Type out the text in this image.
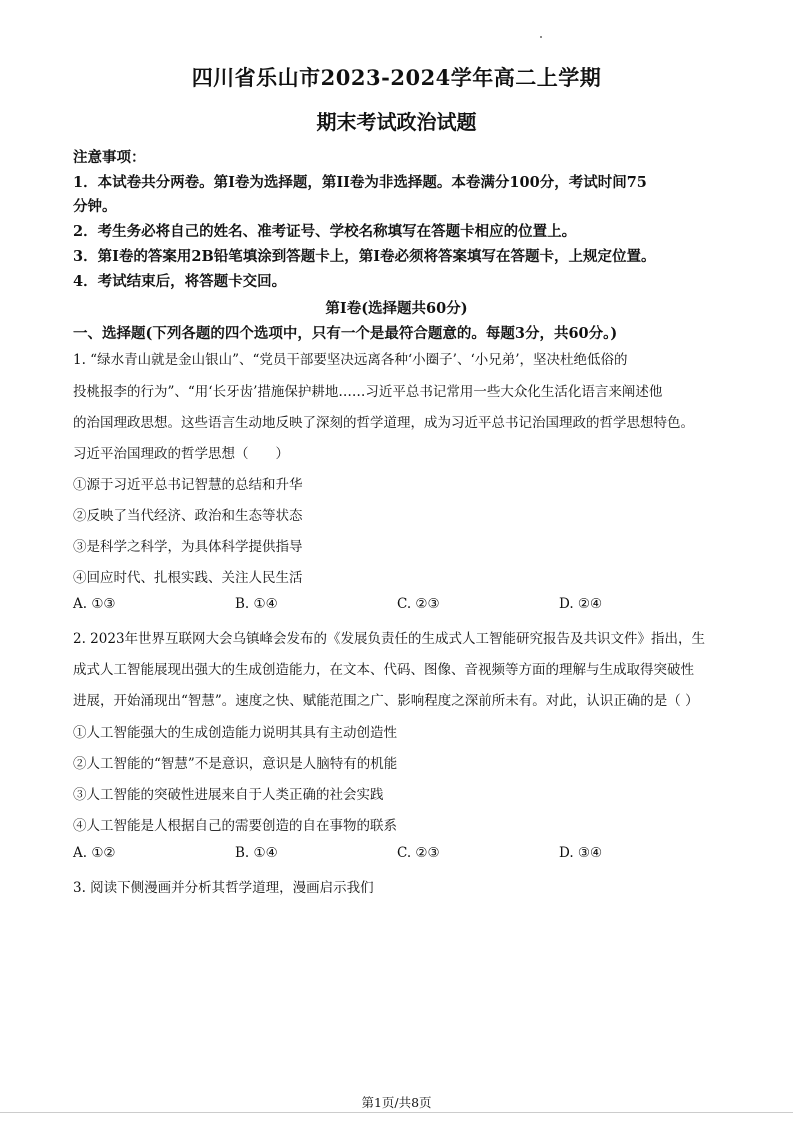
四川省乐山市2023-2024学年高二上学期
期末考试政治试题
注意事项：
1．本试卷共分两卷。第Ⅰ卷为选择题，第II卷为非选择题。本卷满分100分，考试时间75
分钟。
2．考生务必将自己的姓名、准考证号、学校名称填写在答题卡相应的位置上。
3．第Ⅰ卷的答案用2B铅笔填涂到答题卡上，第Ⅰ卷必须将答案填写在答题卡，上规定位置。
4．考试结束后，将答题卡交回。
第Ⅰ卷(选择题共60分)
一、选择题(下列各题的四个选项中，只有一个是最符合题意的。每题3分，共60分。)
1. “绿水青山就是金山银山”、“党员干部要坚决远离各种‘小圈子’、‘小兄弟’，坚决杜绝低俗的
投桃报李的行为”、“用‘长牙齿’措施保护耕地……习近平总书记常用一些大众化生活化语言来阐述他
的治国理政思想。这些语言生动地反映了深刻的哲学道理，成为习近平总书记治国理政的哲学思想特色。
习近平治国理政的哲学思想（　　）
①源于习近平总书记智慧的总结和升华
②反映了当代经济、政治和生态等状态
③是科学之科学，为具体科学提供指导
④回应时代、扎根实践、关注人民生活
A. ①③	B. ①④	C. ②③	D. ②④
2. 2023年世界互联网大会乌镇峰会发布的《发展负责任的生成式人工智能研究报告及共识文件》指出，生
成式人工智能展现出强大的生成创造能力，在文本、代码、图像、音视频等方面的理解与生成取得突破性
进展，开始涌现出“智慧”。速度之快、赋能范围之广、影响程度之深前所未有。对此，认识正确的是（ ）
①人工智能强大的生成创造能力说明其具有主动创造性
②人工智能的“智慧”不是意识，意识是人脑特有的机能
③人工智能的突破性进展来自于人类正确的社会实践
④人工智能是人根据自己的需要创造的自在事物的联系
A. ①②	B. ①④	C. ②③	D. ③④
3. 阅读下侧漫画并分析其哲学道理，漫画启示我们
第1页/共8页
